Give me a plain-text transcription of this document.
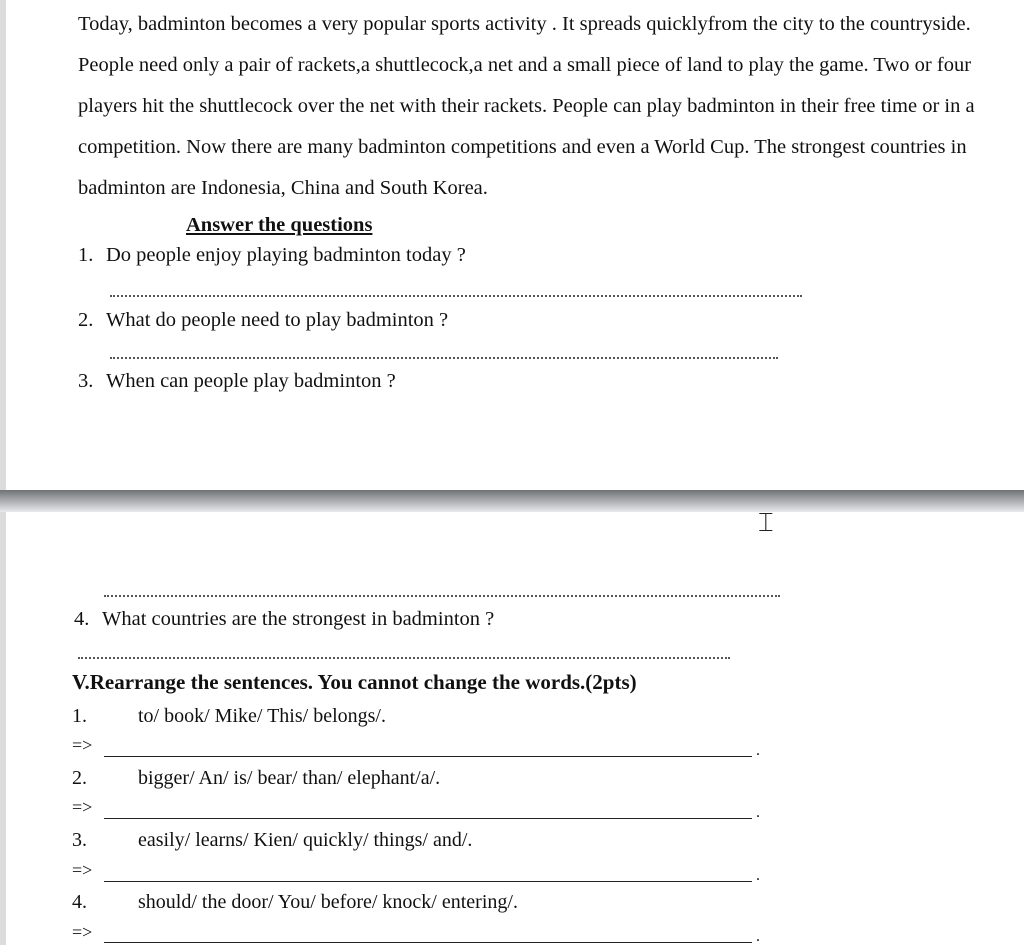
Today, badminton becomes a very popular sports activity . It spreads quicklyfrom the city to the countryside. People need only a pair of rackets,a shuttlecock,a net and a small piece of land to play the game. Two or four players hit the shuttlecock over the net with their rackets. People can play badminton in their free time or in a competition. Now there are many badminton competitions and even a World Cup. The strongest countries in badminton are Indonesia, China and South Korea.

Answer the questions

1. Do people enjoy playing badminton today ?

2. What do people need to play badminton ?

3. When can people play badminton ?

⌶

4. What countries are the strongest in badminton ?

V.Rearrange the sentences. You cannot change the words.(2pts)

1.	to/ book/ Mike/ This/ belongs/.

=>	.

2.	bigger/ An/ is/ bear/ than/ elephant/a/.

=>	.

3.	easily/ learns/ Kien/ quickly/ things/ and/.

=>	.

4.	should/ the door/ You/ before/ knock/ entering/.

=>	.
